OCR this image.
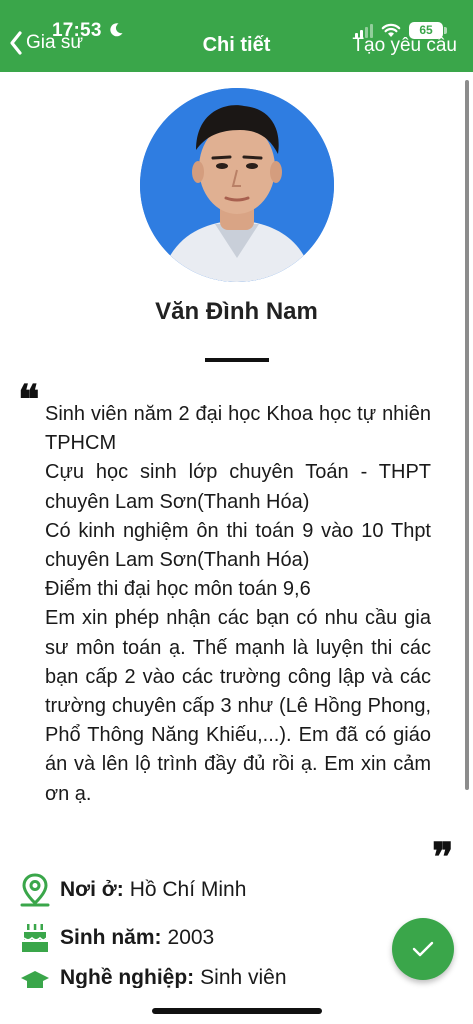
17:53	65
Gia sư	Chi tiết	Tạo yêu cầu
Văn Đình Nam
❝ Sinh viên năm 2 đại học Khoa học tự nhiên TPHCM

Cựu học sinh lớp chuyên Toán - THPT chuyên Lam Sơn(Thanh Hóa)

Có kinh nghiệm ôn thi toán 9 vào 10 Thpt chuyên Lam Sơn(Thanh Hóa)

Điểm thi đại học môn toán 9,6

Em xin phép nhận các bạn có nhu cầu gia sư môn toán ạ. Thế mạnh là luyện thi các bạn cấp 2 vào các trường công lập và các trường chuyên cấp 3 như (Lê Hồng Phong, Phổ Thông Năng Khiếu,...). Em đã có giáo án và lên lộ trình đầy đủ rồi ạ. Em xin cảm ơn ạ.

❞
Nơi ở: Hồ Chí Minh
Sinh năm: 2003
Nghề nghiệp: Sinh viên
